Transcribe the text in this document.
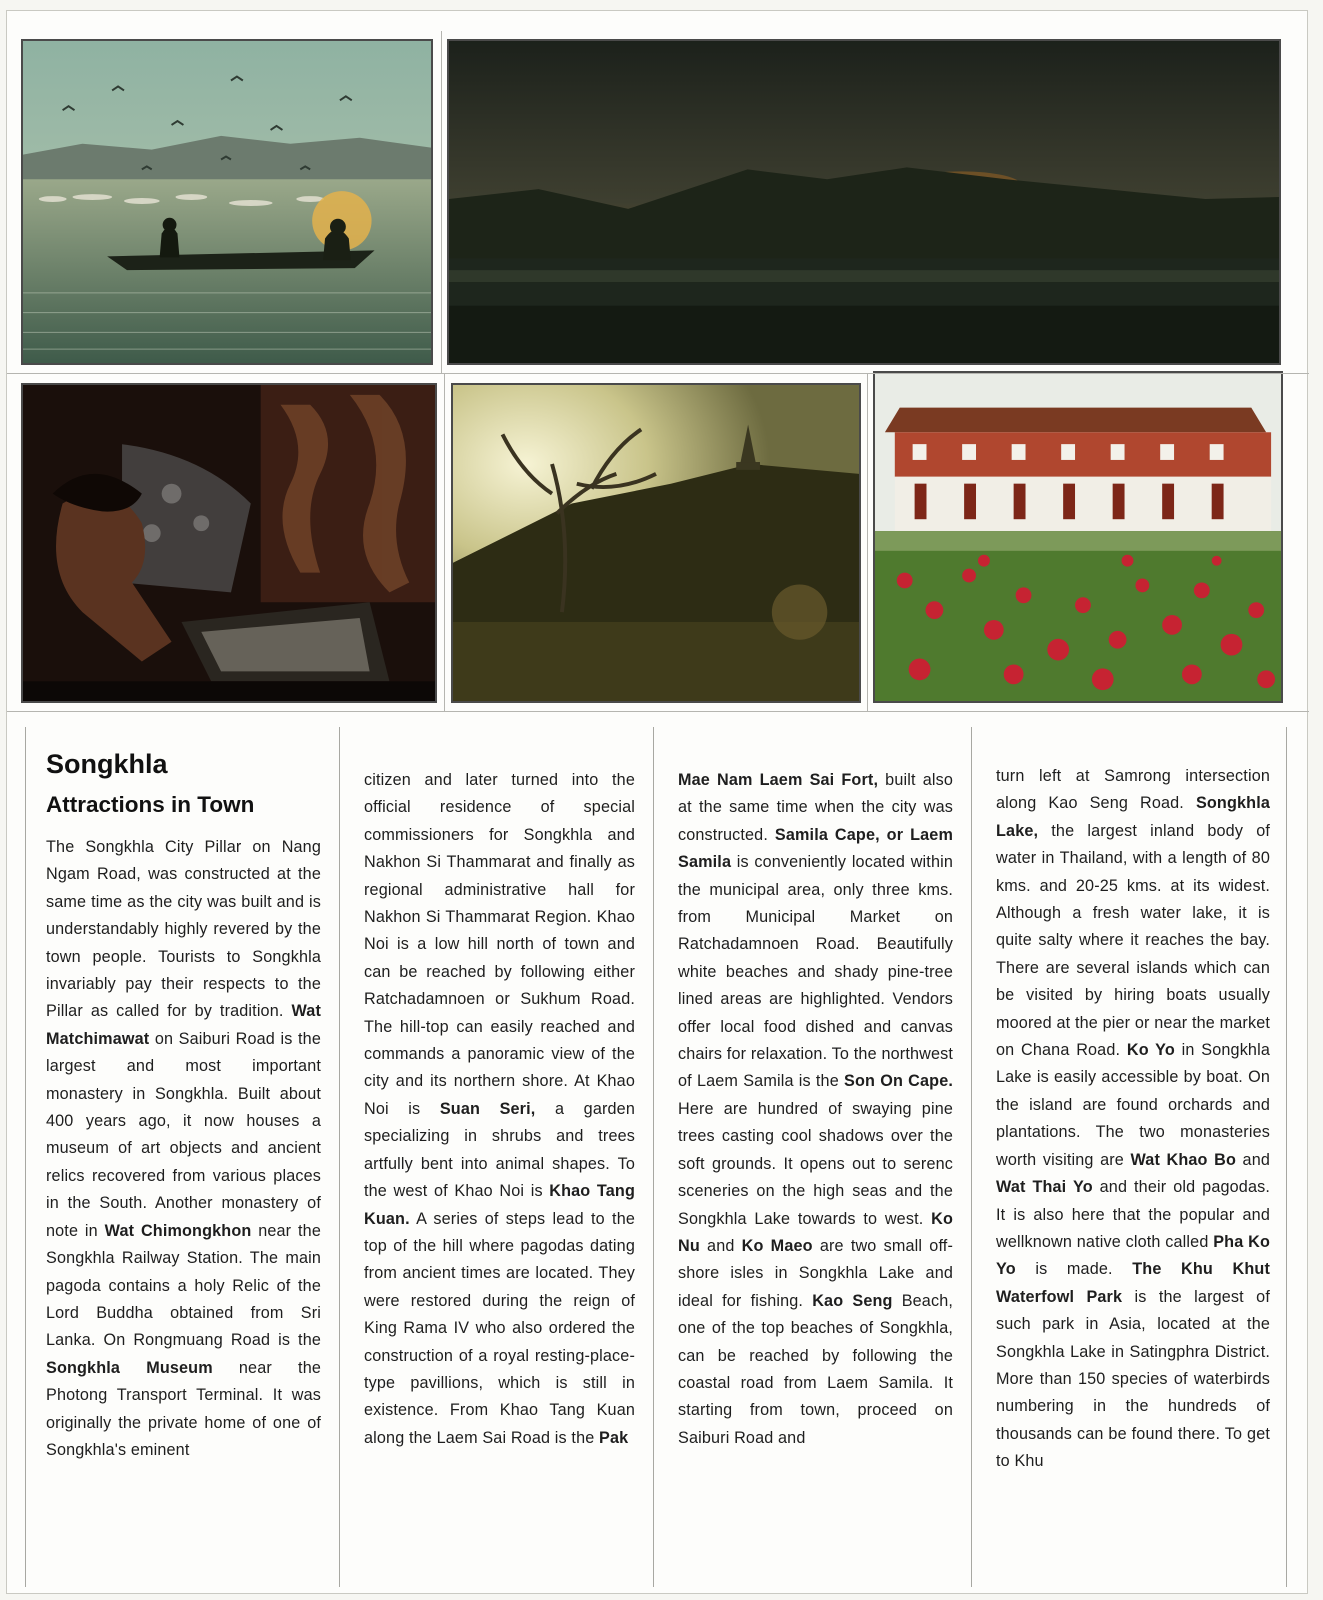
Songkhla
Attractions in Town

The Songkhla City Pillar on Nang Ngam Road, was constructed at the same time as the city was built and is understandably highly revered by the town people. Tourists to Songkhla invariably pay their respects to the Pillar as called for by tradition. Wat Matchimawat on Saiburi Road is the largest and most important monastery in Songkhla. Built about 400 years ago, it now houses a museum of art objects and ancient relics recovered from various places in the South. Another monastery of note in Wat Chimongkhon near the Songkhla Railway Station. The main pagoda contains a holy Relic of the Lord Buddha obtained from Sri Lanka. On Rongmuang Road is the Songkhla Museum near the Photong Transport Terminal. It was originally the private home of one of Songkhla's eminent

citizen and later turned into the official residence of special commissioners for Songkhla and Nakhon Si Thammarat and finally as regional administrative hall for Nakhon Si Thammarat Region. Khao Noi is a low hill north of town and can be reached by following either Ratchadamnoen or Sukhum Road. The hill-top can easily reached and commands a panoramic view of the city and its northern shore. At Khao Noi is Suan Seri, a garden specializing in shrubs and trees artfully bent into animal shapes. To the west of Khao Noi is Khao Tang Kuan. A series of steps lead to the top of the hill where pagodas dating from ancient times are located. They were restored during the reign of King Rama IV who also ordered the construction of a royal resting-place-type pavillions, which is still in existence. From Khao Tang Kuan along the Laem Sai Road is the Pak

Mae Nam Laem Sai Fort, built also at the same time when the city was constructed. Samila Cape, or Laem Samila is conveniently located within the municipal area, only three kms. from Municipal Market on Ratchadamnoen Road. Beautifully white beaches and shady pine-tree lined areas are highlighted. Vendors offer local food dished and canvas chairs for relaxation. To the northwest of Laem Samila is the Son On Cape. Here are hundred of swaying pine trees casting cool shadows over the soft grounds. It opens out to serenc sceneries on the high seas and the Songkhla Lake towards to west. Ko Nu and Ko Maeo are two small off-shore isles in Songkhla Lake and ideal for fishing. Kao Seng Beach, one of the top beaches of Songkhla, can be reached by following the coastal road from Laem Samila. It starting from town, proceed on Saiburi Road and

turn left at Samrong intersection along Kao Seng Road. Songkhla Lake, the largest inland body of water in Thailand, with a length of 80 kms. and 20-25 kms. at its widest. Although a fresh water lake, it is quite salty where it reaches the bay. There are several islands which can be visited by hiring boats usually moored at the pier or near the market on Chana Road. Ko Yo in Songkhla Lake is easily accessible by boat. On the island are found orchards and plantations. The two monasteries worth visiting are Wat Khao Bo and Wat Thai Yo and their old pagodas. It is also here that the popular and wellknown native cloth called Pha Ko Yo is made. The Khu Khut Waterfowl Park is the largest of such park in Asia, located at the Songkhla Lake in Satingphra District. More than 150 species of waterbirds numbering in the hundreds of thousands can be found there. To get to Khu
